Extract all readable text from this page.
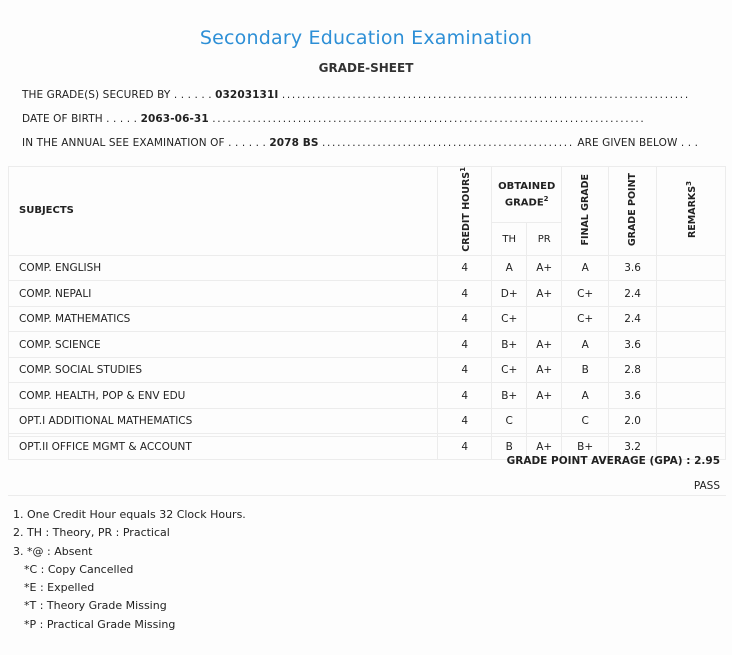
Secondary Education Examination
GRADE-SHEET
THE GRADE(S) SECURED BY . . . . . . 03203131I .................................................................................
DATE OF BIRTH . . . . . 2063-06-31 ......................................................................................
IN THE ANNUAL SEE EXAMINATION OF . . . . . . 2078 BS .................................................. ARE GIVEN BELOW . . .
SUBJECTS	CREDIT HOURS$^1$	OBTAINED GRADE$^2$		FINAL GRADE	GRADE POINT	REMARKS$^3$
		TH	PR			
COMP. ENGLISH	4	A	A+	A	3.6	
COMP. NEPALI	4	D+	A+	C+	2.4	
COMP. MATHEMATICS	4	C+		C+	2.4	
COMP. SCIENCE	4	B+	A+	A	3.6	
COMP. SOCIAL STUDIES	4	C+	A+	B	2.8	
COMP. HEALTH, POP & ENV EDU	4	B+	A+	A	3.6	
OPT.I ADDITIONAL MATHEMATICS	4	C		C	2.0	
OPT.II OFFICE MGMT & ACCOUNT	4	B	A+	B+	3.2	
GRADE POINT AVERAGE (GPA) : 2.95
PASS
1. One Credit Hour equals 32 Clock Hours.
2. TH : Theory, PR : Practical
3. *@ : Absent
*C : Copy Cancelled
*E : Expelled
*T : Theory Grade Missing
*P : Practical Grade Missing
